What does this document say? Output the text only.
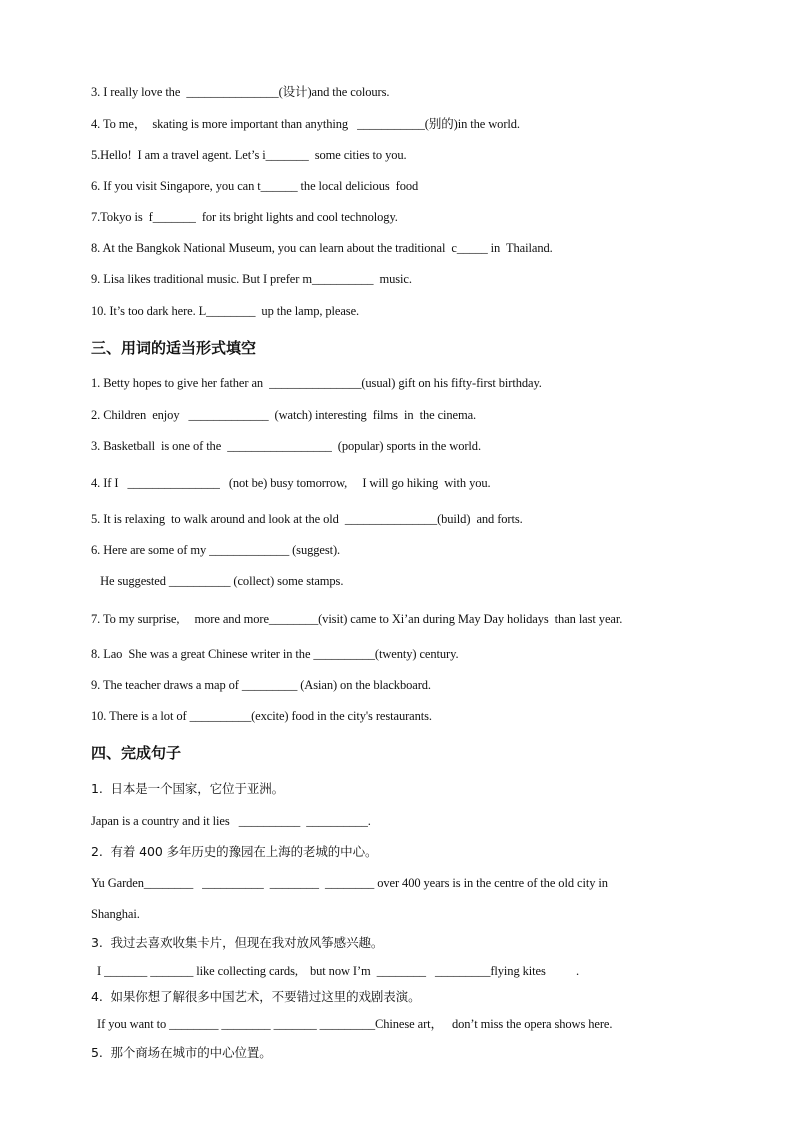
3. I really love the  _______________(设计)and the colours.
4. To me，  skating is more important than anything   ___________(别的)in the world.
5.Hello!  I am a travel agent. Let’s i_______  some cities to you.
6. If you visit Singapore, you can t______ the local delicious  food
7.Tokyo is  f_______  for its bright lights and cool technology.
8. At the Bangkok National Museum, you can learn about the traditional  c_____ in  Thailand.
9. Lisa likes traditional music. But I prefer m__________  music.
10. It’s too dark here. L________  up the lamp, please.
三、用词的适当形式填空
1. Betty hopes to give her father an  _______________(usual) gift on his fifty-first birthday.
2. Children  enjoy   _____________  (watch) interesting  films  in  the cinema.
3. Basketball  is one of the  _________________  (popular) sports in the world.
4. If I   _______________   (not be) busy tomorrow,     I will go hiking  with you.
5. It is relaxing  to walk around and look at the old  _______________(build)  and forts.
6. Here are some of my _____________ (suggest).
He suggested __________ (collect) some stamps.
7. To my surprise,     more and more________(visit) came to Xi’an during May Day holidays  than last year.
8. Lao  She was a great Chinese writer in the __________(twenty) century.
9. The teacher draws a map of _________ (Asian) on the blackboard.
10. There is a lot of __________(excite) food in the city's restaurants.
四、完成句子
1.  日本是一个国家，它位于亚洲。
Japan is a country and it lies   __________  __________.
2.  有着 400 多年历史的豫园在上海的老城的中心。
Yu Garden________   __________  ________  ________ over 400 years is in the centre of the old city in
Shanghai.
3.  我过去喜欢收集卡片，但现在我对放风筝感兴趣。
I _______ _______ like collecting cards,    but now I’m  ________   _________flying kites          .
4.  如果你想了解很多中国艺术，不要错过这里的戏剧表演。
If you want to ________ ________ _______ _________Chinese art，   don’t miss the opera shows here.
5.  那个商场在城市的中心位置。
